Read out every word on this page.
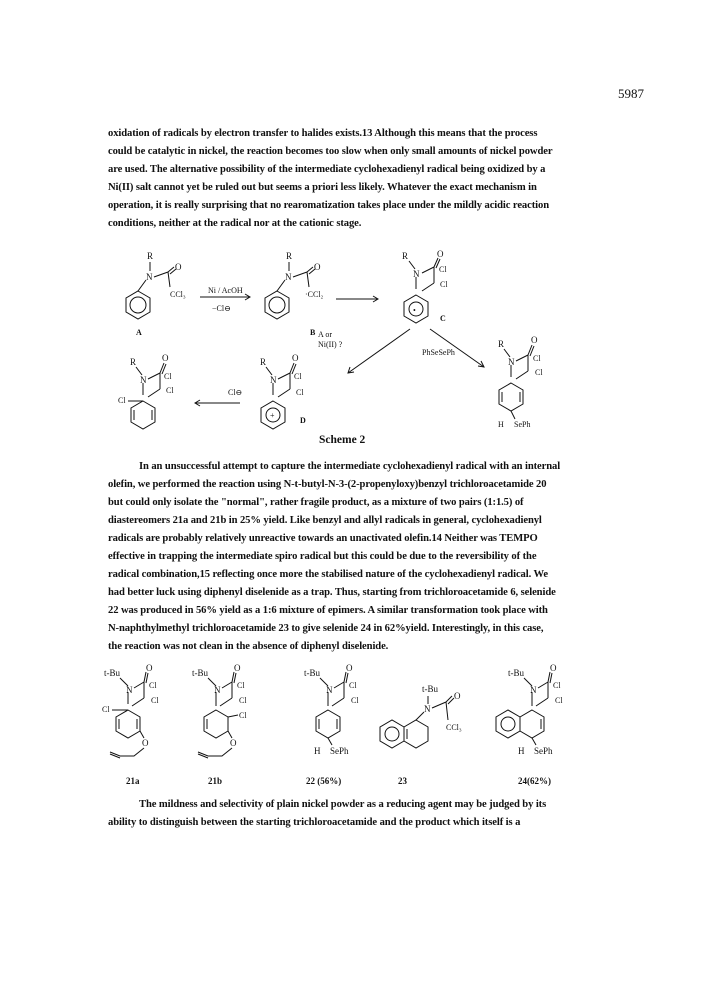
5987
oxidation of radicals by electron transfer to halides exists.13 Although this means that the process
could be catalytic in nickel, the reaction becomes too slow when only small amounts of nickel powder
are used. The alternative possibility of the intermediate cyclohexadienyl radical being oxidized by a
Ni(II) salt cannot yet be ruled out but seems a priori less likely. Whatever the exact mechanism in
operation, it is really surprising that no rearomatization takes place under the mildly acidic reaction
conditions, neither at the radical nor at the cationic stage.
R
N
O
CCl₃
A
Ni / AcOH
−Cl⊖
R
N
O
·CCl₂
B
R
N
O
Cl
Cl
•
C
A or
Ni(II) ?
PhSeSePh
R
N
O
Cl
Cl
+
D
Cl⊖
R
N
O
Cl
Cl
Cl
R
N
O
Cl
Cl
H SePh
Scheme 2
In an unsuccessful attempt to capture the intermediate cyclohexadienyl radical with an internal
olefin, we performed the reaction using N-t-butyl-N-3-(2-propenyloxy)benzyl trichloroacetamide 20
but could only isolate the "normal", rather fragile product, as a mixture of two pairs (1:1.5) of
diastereomers 21a and 21b in 25% yield. Like benzyl and allyl radicals in general, cyclohexadienyl
radicals are probably relatively unreactive towards an unactivated olefin.14 Neither was TEMPO
effective in trapping the intermediate spiro radical but this could be due to the reversibility of the
radical combination,15 reflecting once more the stabilised nature of the cyclohexadienyl radical. We
had better luck using diphenyl diselenide as a trap. Thus, starting from trichloroacetamide 6, selenide
22 was produced in 56% yield as a 1:6 mixture of epimers. A similar transformation took place with
N-naphthylmethyl trichloroacetamide 23 to give selenide 24 in 62%yield. Interestingly, in this case,
the reaction was not clean in the absence of diphenyl diselenide.
t-Bu
N
O
Cl
Cl
Cl
O
21a
t-Bu
N
O
Cl
Cl
Cl
O
21b
t-Bu
N
O
Cl
Cl
H SePh
22 (56%)
t-Bu
N
O
CCl₃
23
t-Bu
N
O
Cl
Cl
H SePh
24(62%)
The mildness and selectivity of plain nickel powder as a reducing agent may be judged by its
ability to distinguish between the starting trichloroacetamide and the product which itself is a
